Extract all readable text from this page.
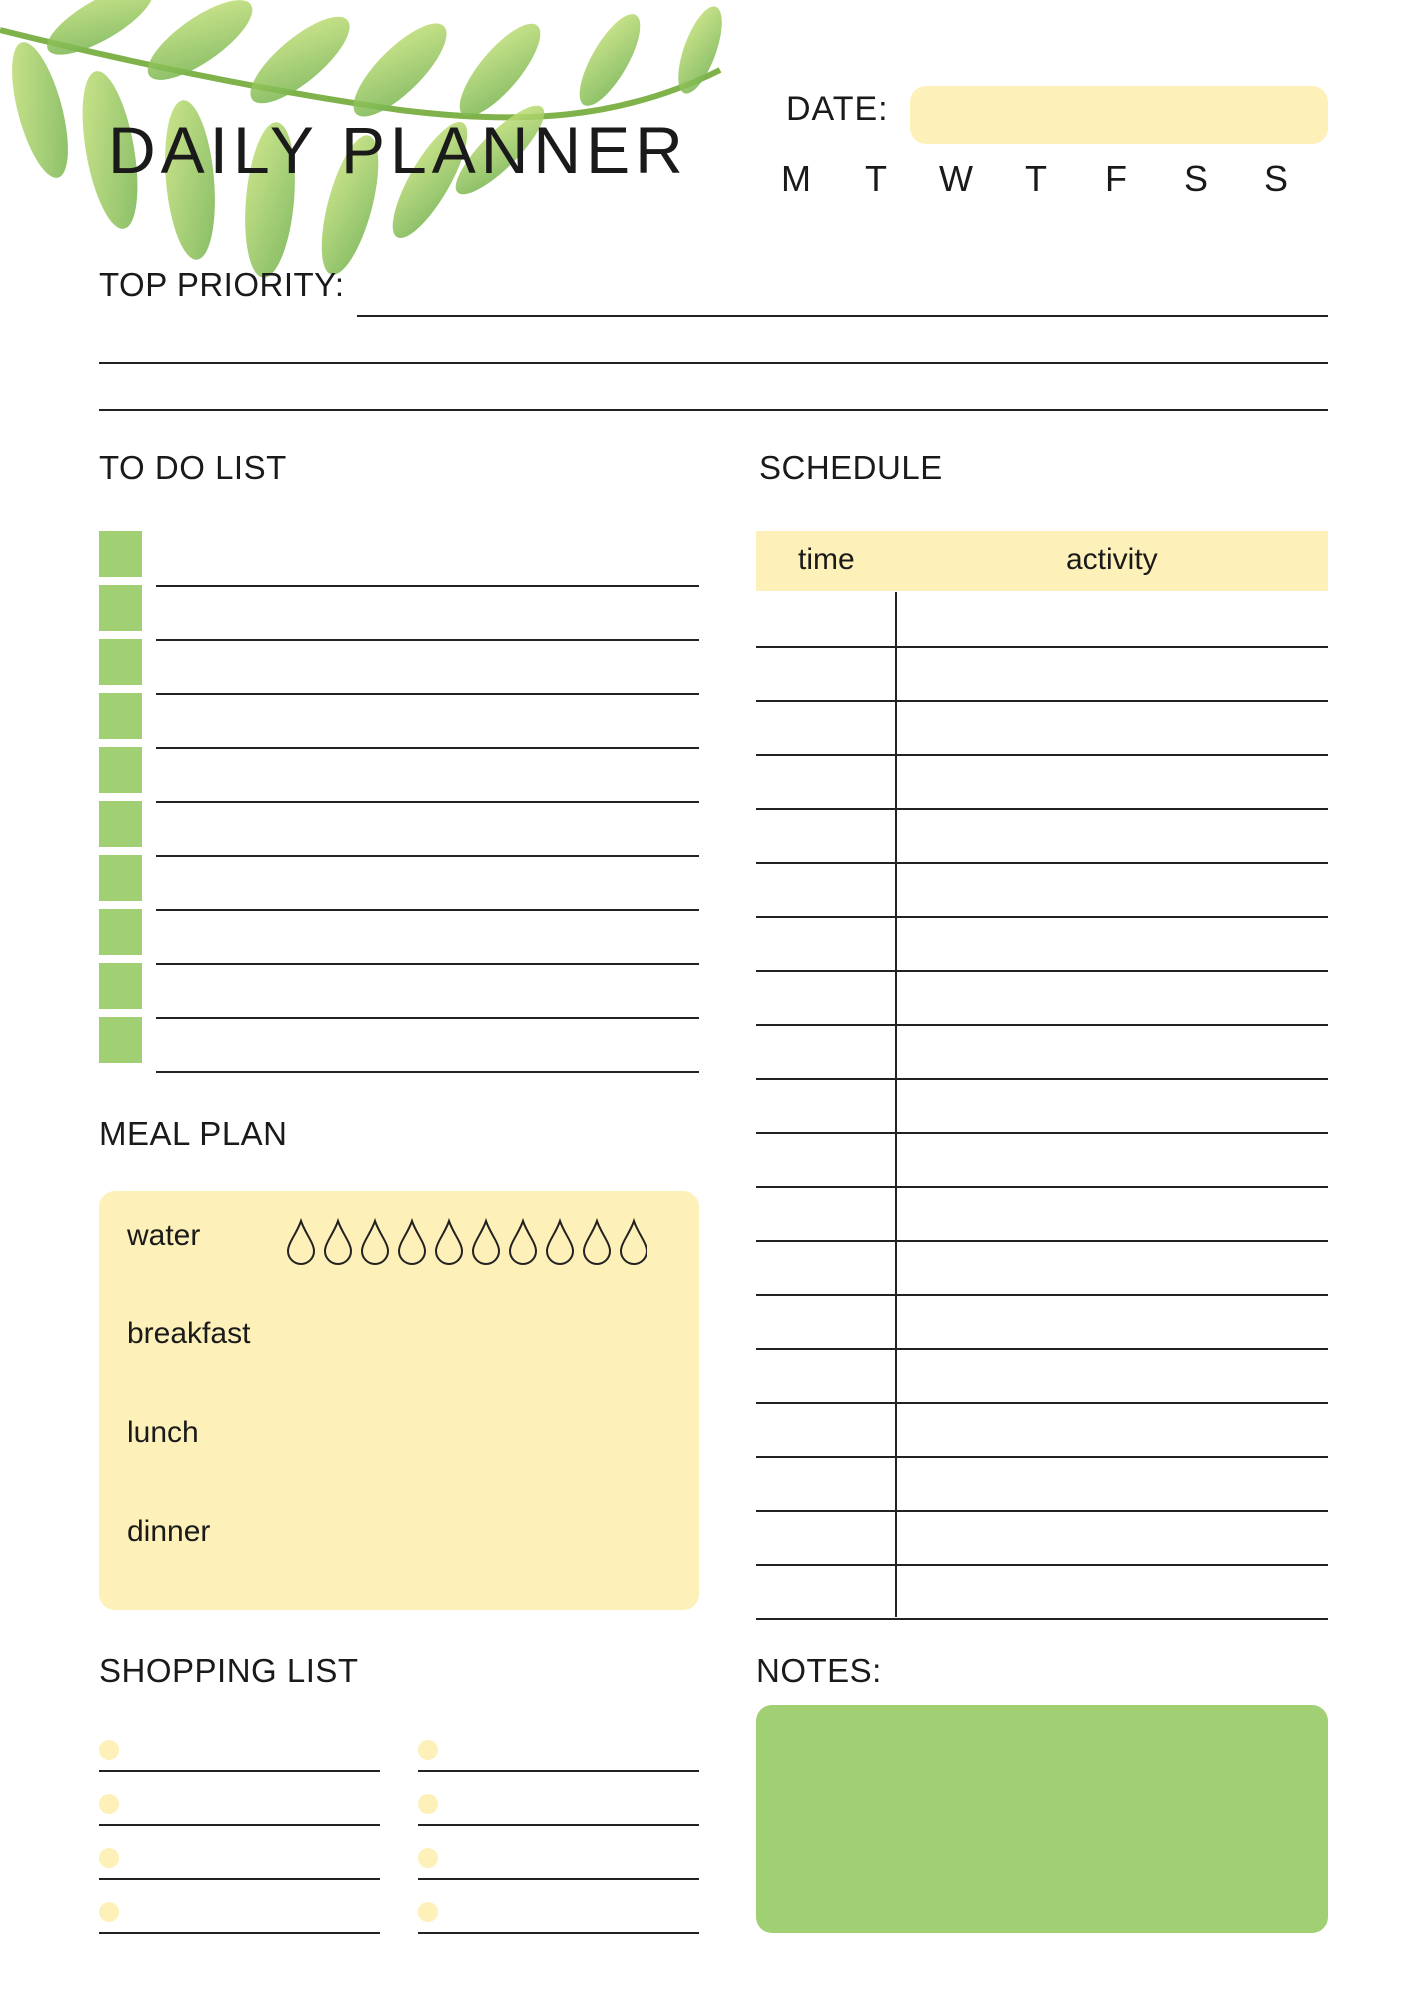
DAILY PLANNER
DATE:
M T W T F S S
TOP PRIORITY:
TO DO LIST	SCHEDULE
time	activity
MEAL PLAN
water
breakfast
lunch
dinner
SHOPPING LIST	NOTES:
